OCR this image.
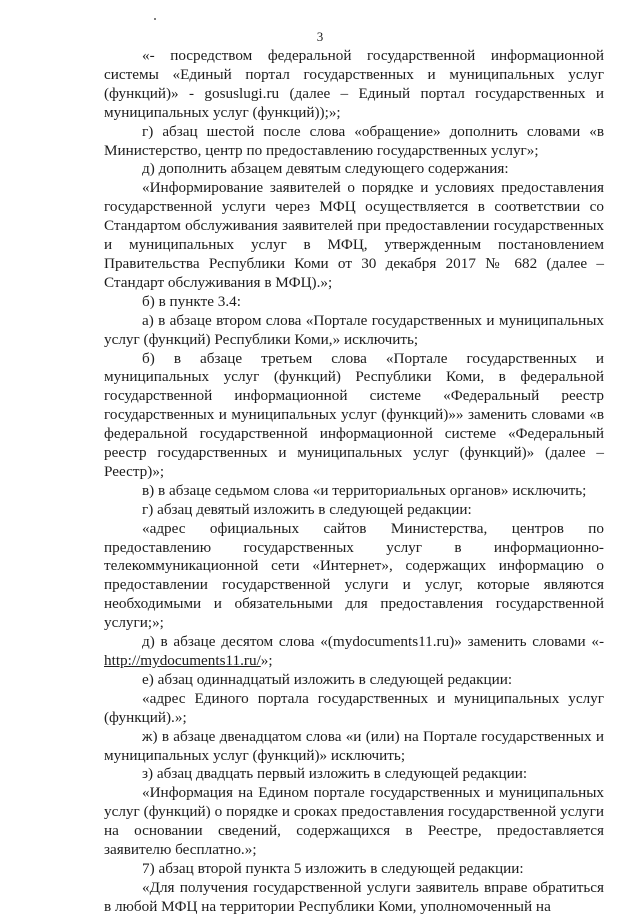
3

«- посредством федеральной государственной информационной системы «Единый портал государственных и муниципальных услуг (функций)» - gosuslugi.ru (далее – Единый портал государственных и муниципальных услуг (функций));»;

г) абзац шестой после слова «обращение» дополнить словами «в Министерство, центр по предоставлению государственных услуг»;

д) дополнить абзацем девятым следующего содержания:

«Информирование заявителей о порядке и условиях предоставления государственной услуги через МФЦ осуществляется в соответствии со Стандартом обслуживания заявителей при предоставлении государственных и муниципальных услуг в МФЦ, утвержденным постановлением Правительства Республики Коми от 30 декабря 2017 № 682 (далее – Стандарт обслуживания в МФЦ).»;

б) в пункте 3.4:

а) в абзаце втором слова «Портале государственных и муниципальных услуг (функций) Республики Коми,» исключить;

б) в абзаце третьем слова «Портале государственных и муниципальных услуг (функций) Республики Коми, в федеральной государственной информационной системе «Федеральный реестр государственных и муниципальных услуг (функций)»» заменить словами «в федеральной государственной информационной системе «Федеральный реестр государственных и муниципальных услуг (функций)» (далее – Реестр)»;

в) в абзаце седьмом слова «и территориальных органов» исключить;

г) абзац девятый изложить в следующей редакции:

«адрес официальных сайтов Министерства, центров по предоставлению государственных услуг в информационно-телекоммуникационной сети «Интернет», содержащих информацию о предоставлении государственной услуги и услуг, которые являются необходимыми и обязательными для предоставления государственной услуги;»;

д) в абзаце десятом слова «(mydocuments11.ru)» заменить словами «-http://mydocuments11.ru/»;

е) абзац одиннадцатый изложить в следующей редакции:

«адрес Единого портала государственных и муниципальных услуг (функций).»;

ж) в абзаце двенадцатом слова «и (или) на Портале государственных и муниципальных услуг (функций)» исключить;

з) абзац двадцать первый изложить в следующей редакции:

«Информация на Едином портале государственных и муниципальных услуг (функций) о порядке и сроках предоставления государственной услуги на основании сведений, содержащихся в Реестре, предоставляется заявителю бесплатно.»;

7) абзац второй пункта 5 изложить в следующей редакции:

«Для получения государственной услуги заявитель вправе обратиться в любой МФЦ на территории Республики Коми, уполномоченный на
